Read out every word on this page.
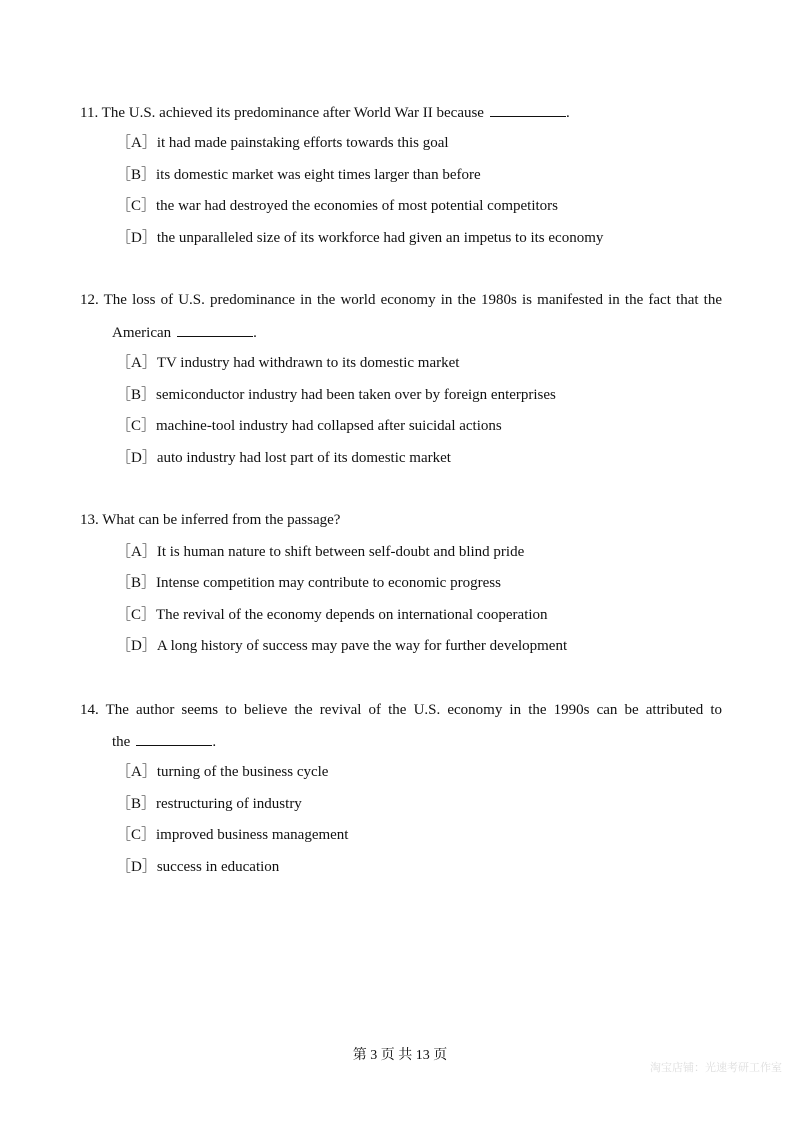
11. The U.S. achieved its predominance after World War II because	.
［A］it had made painstaking efforts towards this goal
［B］its domestic market was eight times larger than before
［C］the war had destroyed the economies of most potential competitors
［D］the unparalleled size of its workforce had given an impetus to its economy
12. The loss of U.S. predominance in the world economy in the 1980s is manifested in the fact that the
American	.
［A］TV industry had withdrawn to its domestic market
［B］semiconductor industry had been taken over by foreign enterprises
［C］machine-tool industry had collapsed after suicidal actions
［D］auto industry had lost part of its domestic market
13. What can be inferred from the passage?
［A］It is human nature to shift between self-doubt and blind pride
［B］Intense competition may contribute to economic progress
［C］The revival of the economy depends on international cooperation
［D］A long history of success may pave the way for further development
14. The author seems to believe the revival of the U.S. economy in the 1990s can be attributed to
the	.
［A］turning of the business cycle
［B］restructuring of industry
［C］improved business management
［D］success in education
第 3 页 共 13 页
淘宝店铺：光速考研工作室
